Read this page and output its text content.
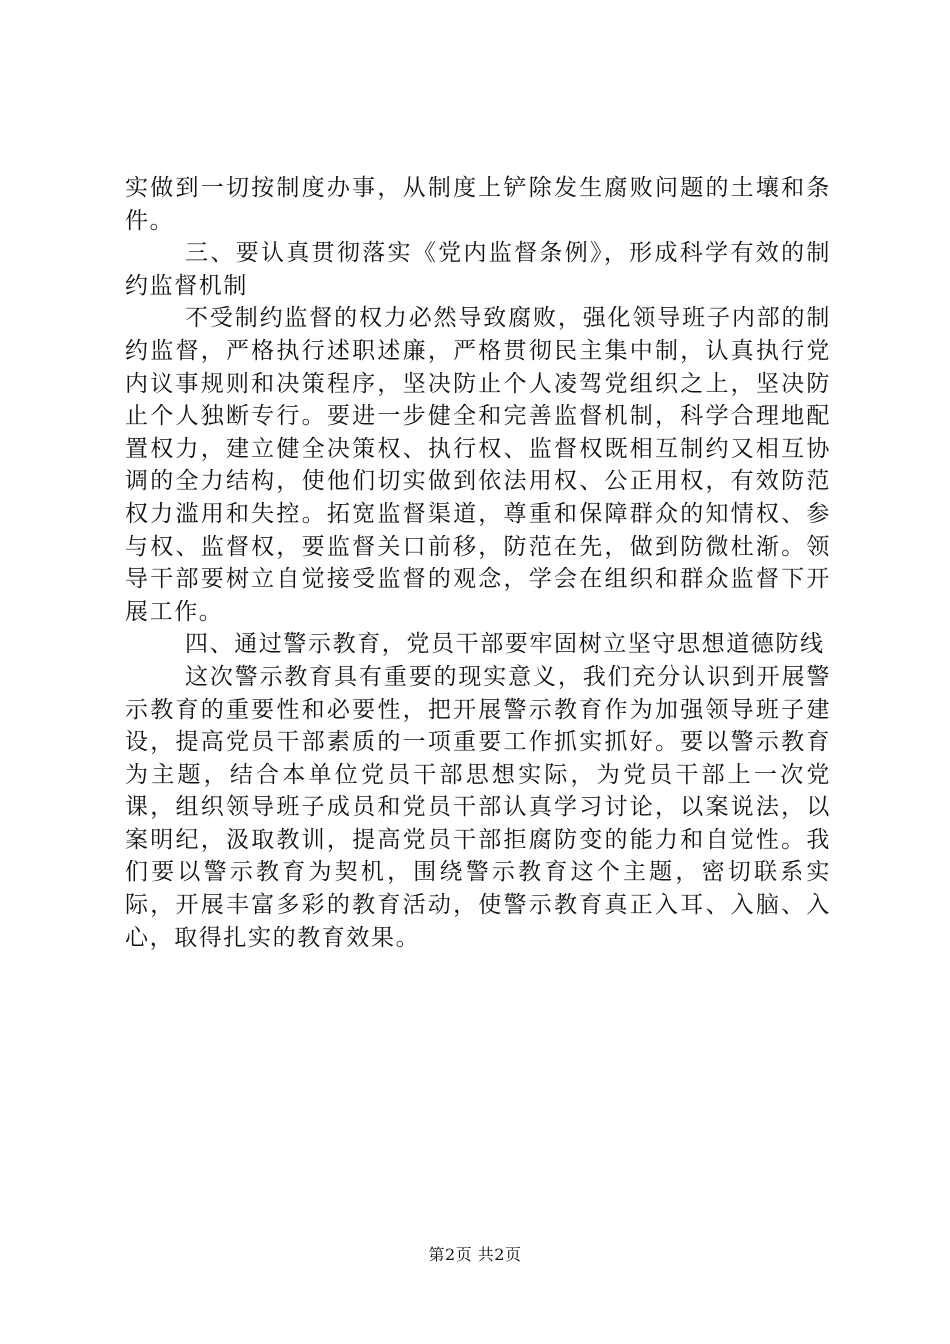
实做到一切按制度办事，从制度上铲除发生腐败问题的土壤和条件。

三、要认真贯彻落实《党内监督条例》，形成科学有效的制约监督机制

不受制约监督的权力必然导致腐败，强化领导班子内部的制约监督，严格执行述职述廉，严格贯彻民主集中制，认真执行党内议事规则和决策程序，坚决防止个人凌驾党组织之上，坚决防止个人独断专行。要进一步健全和完善监督机制，科学合理地配置权力，建立健全决策权、执行权、监督权既相互制约又相互协调的全力结构，使他们切实做到依法用权、公正用权，有效防范权力滥用和失控。拓宽监督渠道，尊重和保障群众的知情权、参与权、监督权，要监督关口前移，防范在先，做到防微杜渐。领导干部要树立自觉接受监督的观念，学会在组织和群众监督下开展工作。

四、通过警示教育，党员干部要牢固树立坚守思想道德防线

这次警示教育具有重要的现实意义，我们充分认识到开展警示教育的重要性和必要性，把开展警示教育作为加强领导班子建设，提高党员干部素质的一项重要工作抓实抓好。要以警示教育为主题，结合本单位党员干部思想实际，为党员干部上一次党课，组织领导班子成员和党员干部认真学习讨论，以案说法，以案明纪，汲取教训，提高党员干部拒腐防变的能力和自觉性。我们要以警示教育为契机，围绕警示教育这个主题，密切联系实际，开展丰富多彩的教育活动，使警示教育真正入耳、入脑、入心，取得扎实的教育效果。

第2页 共2页
